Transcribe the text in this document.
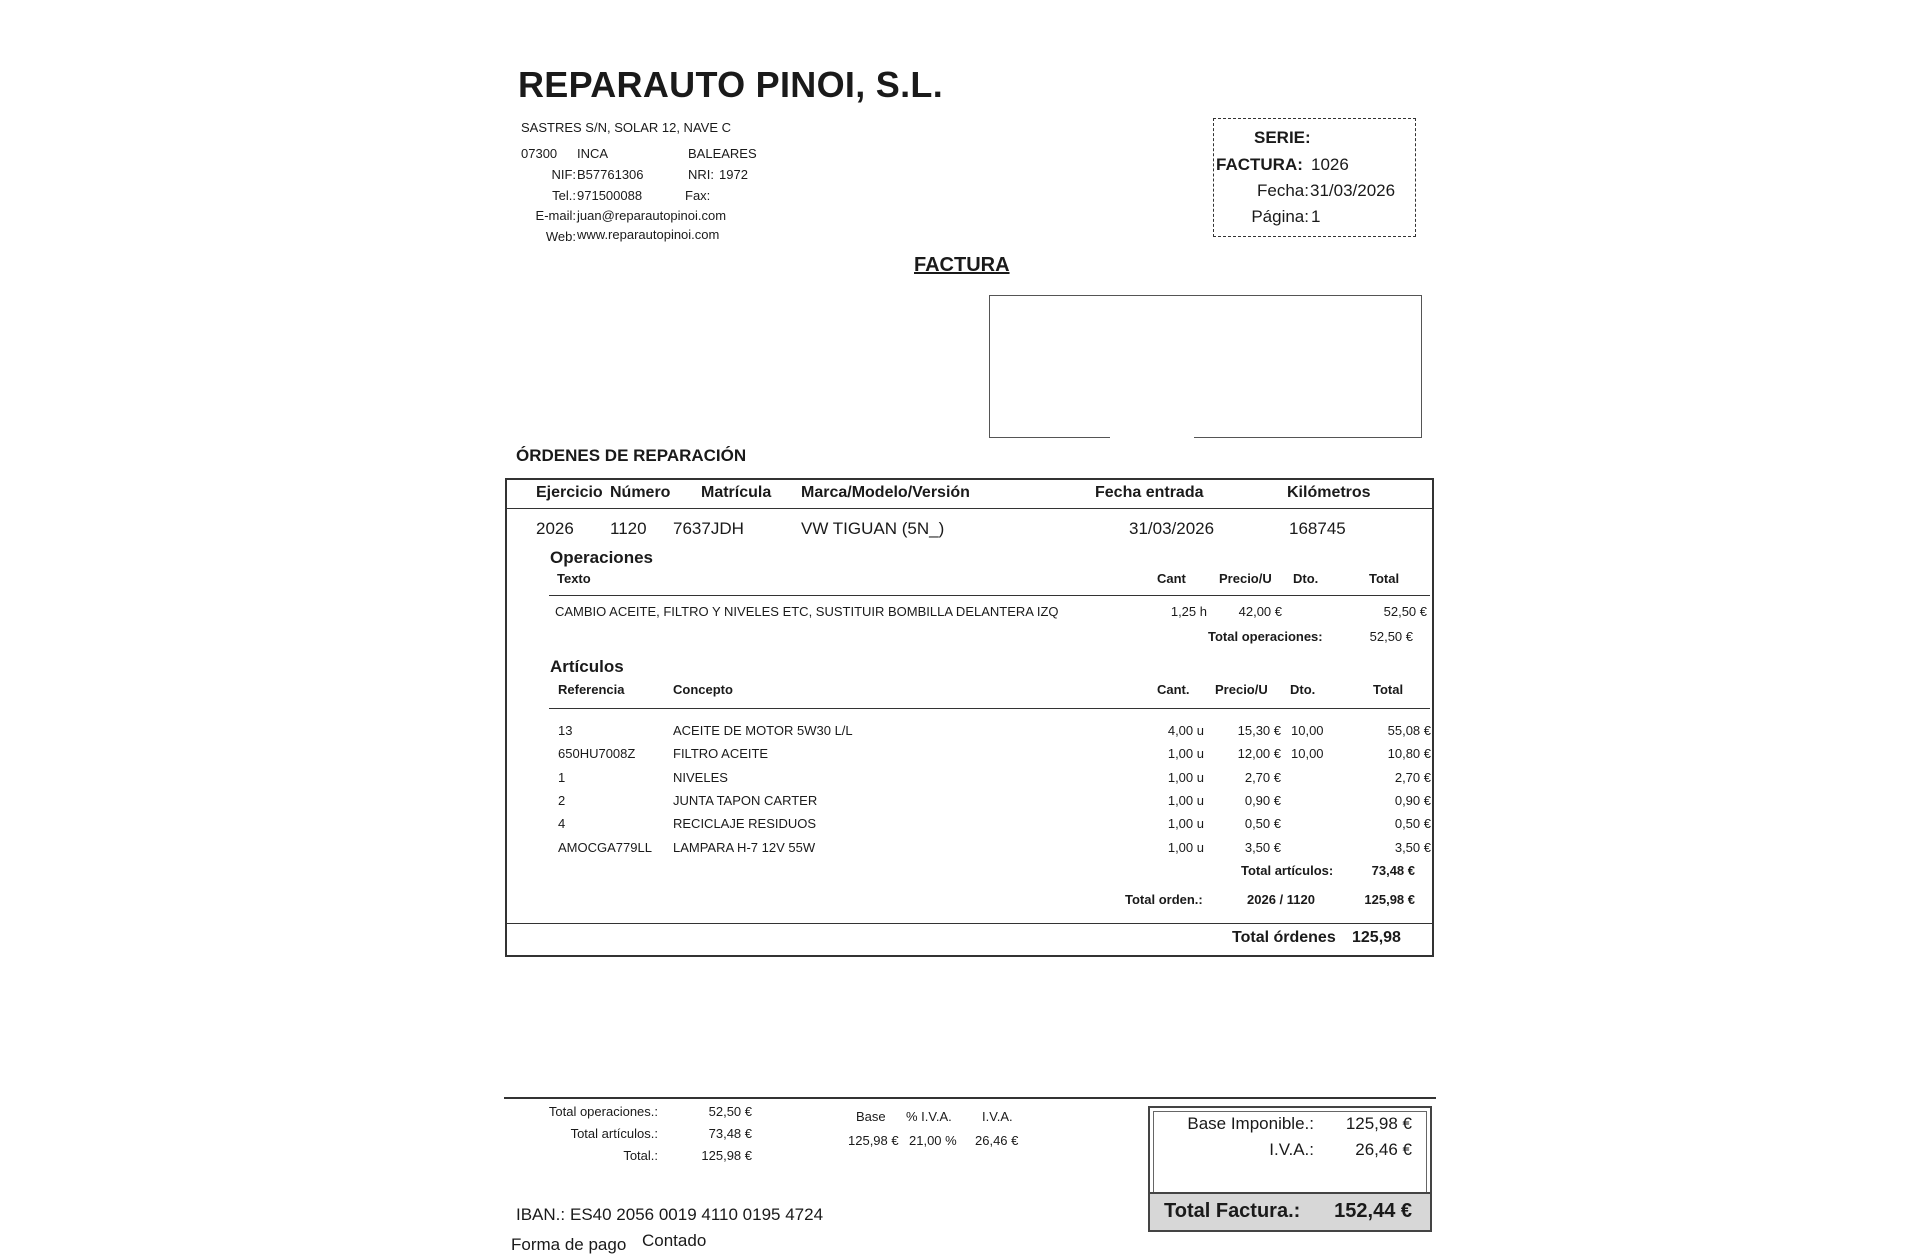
REPARAUTO PINOI, S.L.
SASTRES S/N, SOLAR 12, NAVE C
07300 INCA	BALEARES
NIF: B57761306	NRI: 1972
Tel.: 971500088	Fax:
E-mail: juan@reparautopinoi.com
Web: www.reparautopinoi.com
SERIE:
FACTURA: 1026
Fecha: 31/03/2026
Página: 1
FACTURA
ÓRDENES DE REPARACIÓN
Ejercicio Número Matrícula Marca/Modelo/Versión	Fecha entrada	Kilómetros
2026 1120 7637JDH	VW TIGUAN (5N_)	31/03/2026	168745
Operaciones
Texto	Cant	Precio/U Dto.	Total
CAMBIO ACEITE, FILTRO Y NIVELES ETC, SUSTITUIR BOMBILLA DELANTERA IZQ	1,25 h	42,00 €	52,50 €
Total operaciones:	52,50 €
Artículos
Referencia	Concepto	Cant. Precio/U Dto.	Total
13	ACEITE DE MOTOR 5W30 L/L	4,00 u	15,30 € 10,00	55,08 €
650HU7008Z	FILTRO ACEITE	1,00 u	12,00 € 10,00	10,80 €
1	NIVELES	1,00 u	2,70 €	2,70 €
2	JUNTA TAPON CARTER	1,00 u	0,90 €	0,90 €
4	RECICLAJE RESIDUOS	1,00 u	0,50 €	0,50 €
AMOCGA779LL LAMPARA H-7 12V 55W	1,00 u	3,50 €	3,50 €
Total artículos:	73,48 €
Total orden.:	2026 / 1120	125,98 €
Total órdenes 125,98
Total operaciones.:	52,50 €
Total artículos.:	73,48 €
Total.:	125,98 €
Base % I.V.A. I.V.A.
125,98 € 21,00 % 26,46 €
Base Imponible.:	125,98 €
I.V.A.:	26,46 €
Total Factura.:	152,44 €
IBAN.: ES40 2056 0019 4110 0195 4724
Forma de pago Contado
